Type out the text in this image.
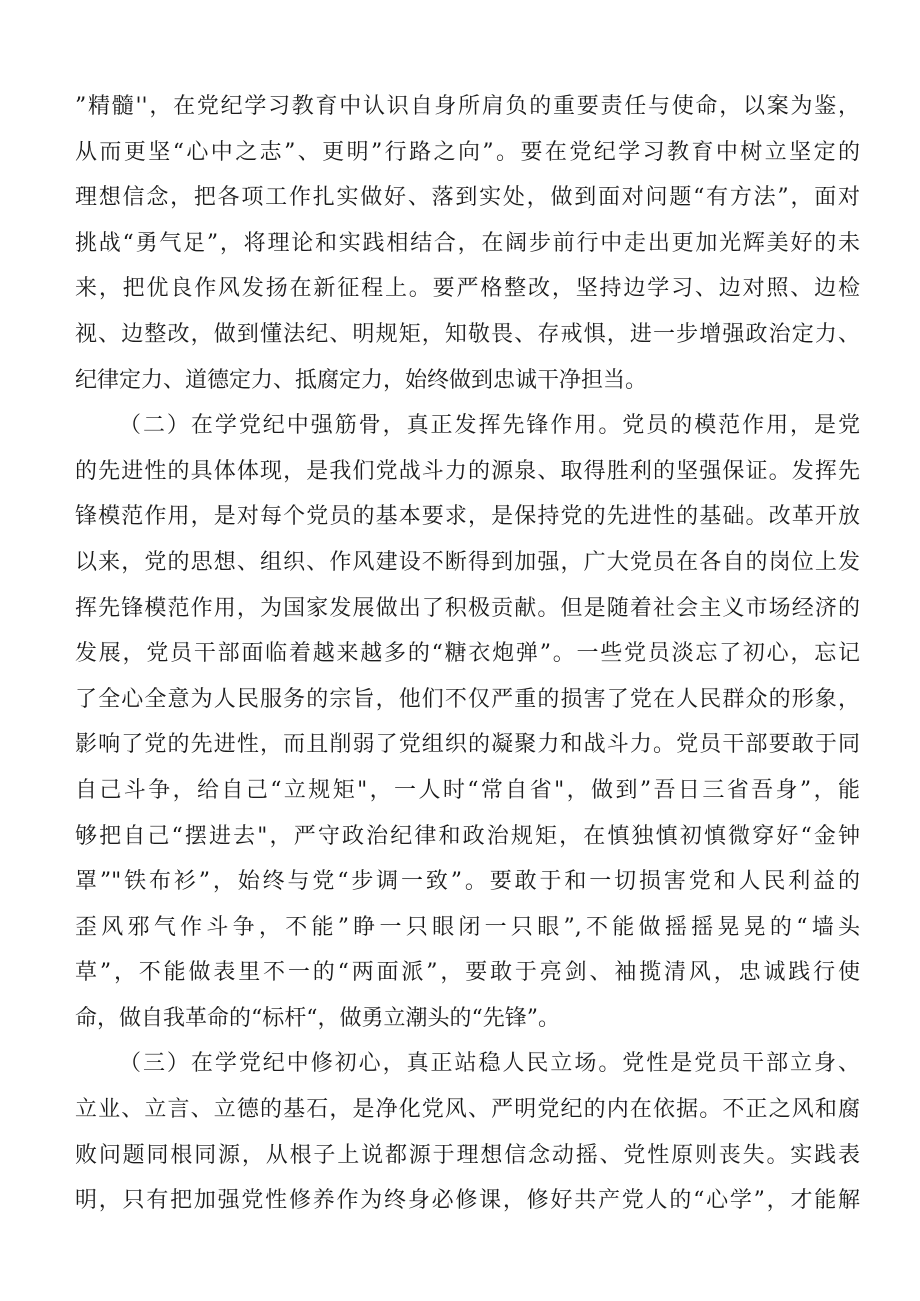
”精髓''，在党纪学习教育中认识自身所肩负的重要责任与使命，以案为鉴，
从而更坚“心中之志”、更明”行路之向”。要在党纪学习教育中树立坚定的
理想信念，把各项工作扎实做好、落到实处，做到面对问题“有方法”，面对
挑战“勇气足”，将理论和实践相结合，在阔步前行中走出更加光辉美好的未
来，把优良作风发扬在新征程上。要严格整改，坚持边学习、边对照、边检
视、边整改，做到懂法纪、明规矩，知敬畏、存戒惧，进一步增强政治定力、
纪律定力、道德定力、抵腐定力，始终做到忠诚干净担当。
（二）在学党纪中强筋骨，真正发挥先锋作用。党员的模范作用，是党
的先进性的具体体现，是我们党战斗力的源泉、取得胜利的坚强保证。发挥先
锋模范作用，是对每个党员的基本要求，是保持党的先进性的基础。改革开放
以来，党的思想、组织、作风建设不断得到加强，广大党员在各自的岗位上发
挥先锋模范作用，为国家发展做出了积极贡献。但是随着社会主义市场经济的
发展，党员干部面临着越来越多的“糖衣炮弹”。一些党员淡忘了初心，忘记
了全心全意为人民服务的宗旨，他们不仅严重的损害了党在人民群众的形象，
影响了党的先进性，而且削弱了党组织的凝聚力和战斗力。党员干部要敢于同
自己斗争，给自己“立规矩"，一人时“常自省"，做到”吾日三省吾身”，能
够把自己“摆进去"，严守政治纪律和政治规矩，在慎独慎初慎微穿好“金钟
罩”"铁布衫”，始终与党“步调一致”。要敢于和一切损害党和人民利益的
歪风邪气作斗争，不能”睁一只眼闭一只眼”,不能做摇摇晃晃的“墙头
草”，不能做表里不一的“两面派”，要敢于亮剑、袖揽清风，忠诚践行使
命，做自我革命的“标杆“，做勇立潮头的“先锋”。
（三）在学党纪中修初心，真正站稳人民立场。党性是党员干部立身、
立业、立言、立德的基石，是净化党风、严明党纪的内在依据。不正之风和腐
败问题同根同源，从根子上说都源于理想信念动摇、党性原则丧失。实践表
明，只有把加强党性修养作为终身必修课，修好共产党人的“心学”，才能解
